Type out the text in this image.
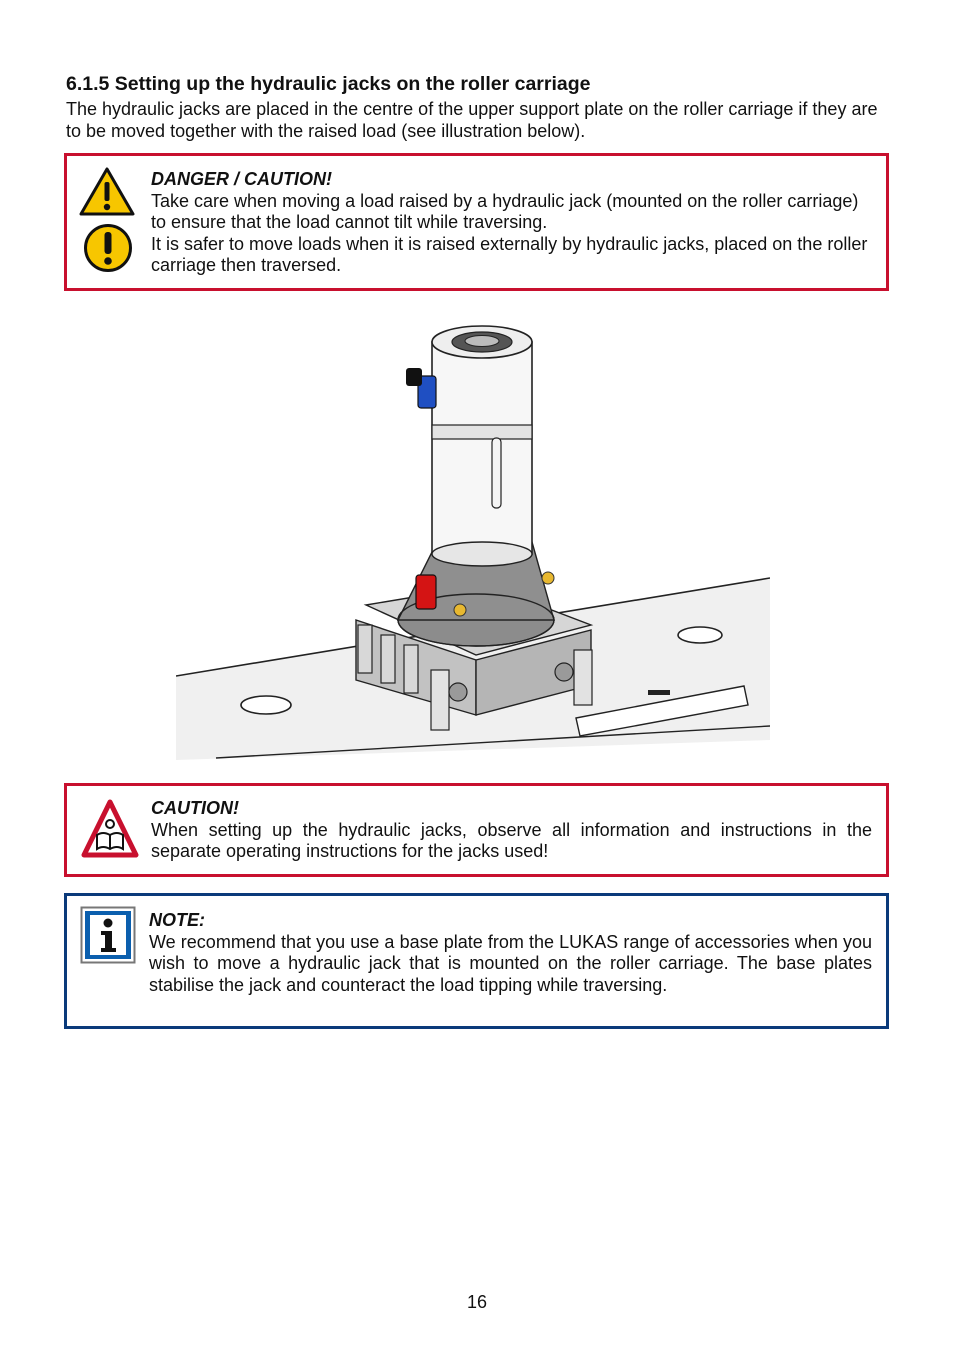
6.1.5 Setting up the hydraulic jacks on the roller carriage
The hydraulic jacks are placed in the centre of the upper support plate on the roller carriage if they are to be moved together with the raised load (see illustration below).
DANGER / CAUTION!
Take care when moving a load raised by a hydraulic jack (mounted on the roller carriage) to ensure that the load cannot tilt while traversing.
It is safer to move loads when it is raised externally by hydraulic jacks, placed on the roller carriage then traversed.
CAUTION!
When setting up the hydraulic jacks, observe all information and instructions in the separate operating instructions for the jacks used!
NOTE:
We recommend that you use a base plate from the LUKAS range of accessories when you wish to move a hydraulic jack that is mounted on the roller carriage. The base plates stabilise the jack and counteract the load tipping while traversing.
16
